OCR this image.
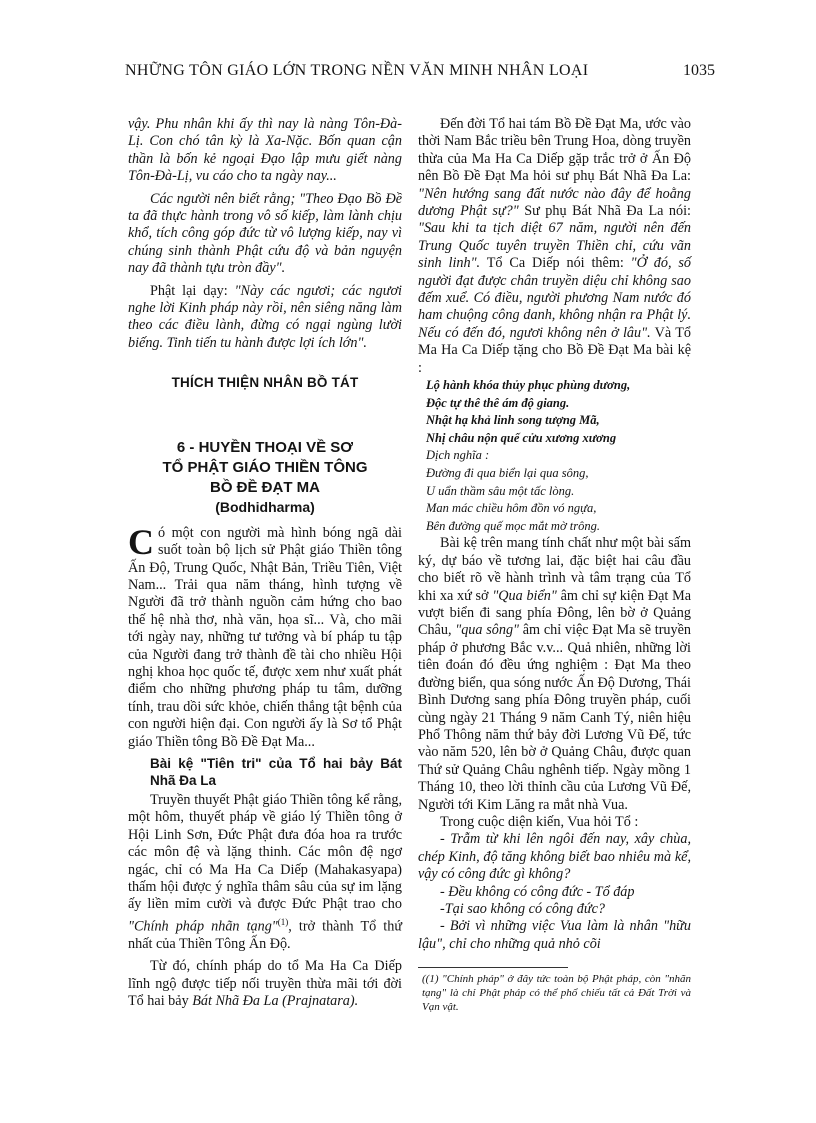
NHỮNG TÔN GIÁO LỚN TRONG NỀN VĂN MINH NHÂN LOẠI	1035

vậy. Phu nhân khi ấy thì nay là nàng Tôn-Đà-Lị. Con chó tân kỳ là Xa-Nặc. Bốn quan cận thần là bốn kẻ ngoại Đạo lập mưu giết nàng Tôn-Đà-Lị, vu cáo cho ta ngày nay...

Các người nên biết rằng; "Theo Đạo Bồ Đề ta đã thực hành trong vô số kiếp, làm lành chịu khổ, tích công góp đức từ vô lượng kiếp, nay vì chúng sinh thành Phật cứu độ và bản nguyện nay đã thành tựu tròn đầy".

Phật lại dạy: "Này các ngươi; các ngươi nghe lời Kinh pháp này rồi, nên siêng năng làm theo các điều lành, đừng có ngại ngùng lười biếng. Tinh tiến tu hành được lợi ích lớn".

THÍCH THIỆN NHÂN BỒ TÁT

6 - HUYỀN THOẠI VỀ SƠ
TỔ PHẬT GIÁO THIỀN TÔNG
BỒ ĐỀ ĐẠT MA
(Bodhidharma)

Có một con người mà hình bóng ngã dài suốt toàn bộ lịch sử Phật giáo Thiền tông Ấn Độ, Trung Quốc, Nhật Bản, Triều Tiên, Việt Nam... Trải qua năm tháng, hình tượng về Người đã trở thành nguồn cảm hứng cho bao thế hệ nhà thơ, nhà văn, họa sĩ... Và, cho mãi tới ngày nay, những tư tưởng và bí pháp tu tập của Người đang trở thành đề tài cho nhiều Hội nghị khoa học quốc tế, được xem như xuất phát điểm cho những phương pháp tu tâm, dưỡng tính, trau dồi sức khỏe, chiến thắng tật bệnh của con người hiện đại. Con người ấy là Sơ tổ Phật giáo Thiền tông Bồ Đề Đạt Ma...

Bài kệ "Tiên tri" của Tổ hai bảy Bát Nhã Đa La

Truyền thuyết Phật giáo Thiền tông kể rằng, một hôm, thuyết pháp về giáo lý Thiền tông ở Hội Linh Sơn, Đức Phật đưa đóa hoa ra trước các môn đệ và lặng thinh. Các môn đệ ngơ ngác, chỉ có Ma Ha Ca Diếp (Mahakasyapa) thấm hội được ý nghĩa thâm sâu của sự im lặng ấy liền mỉm cười và được Đức Phật trao cho "Chính pháp nhãn tạng"$^{(1)}$, trở thành Tổ thứ nhất của Thiền Tông Ấn Độ.

Từ đó, chính pháp do tổ Ma Ha Ca Diếp lĩnh ngộ được tiếp nối truyền thừa mãi tới đời Tổ hai bảy Bát Nhã Đa La (Prajnatara).

Đến đời Tổ hai tám Bồ Đề Đạt Ma, ước vào thời Nam Bắc triều bên Trung Hoa, dòng truyền thừa của Ma Ha Ca Diếp gặp trắc trở ở Ấn Độ nên Bồ Đề Đạt Ma hỏi sư phụ Bát Nhã Đa La: "Nên hướng sang đất nước nào đây để hoằng dương Phật sự?" Sư phụ Bát Nhã Đa La nói: "Sau khi ta tịch diệt 67 năm, người nên đến Trung Quốc tuyên truyền Thiền chỉ, cứu vãn sinh linh". Tổ Ca Diếp nói thêm: "Ở đó, số người đạt được chân truyền diệu chỉ không sao đếm xuể. Có điều, người phương Nam nước đó ham chuộng công danh, không nhận ra Phật lý. Nếu có đến đó, ngươi không nên ở lâu". Và Tổ Ma Ha Ca Diếp tặng cho Bồ Đề Đạt Ma bài kệ :

Lộ hành khóa thủy phục phùng dương,
Độc tự thê thê ám độ giang.
Nhật hạ khả linh song tượng Mã,
Nhị châu nộn quế cửu xương xương
Dịch nghĩa :
Đường đi qua biển lại qua sông,
U uẩn thầm sâu một tấc lòng.
Man mác chiều hôm đồn vó ngựa,
Bên đường quế mọc mắt mờ trông.

Bài kệ trên mang tính chất như một bài sấm ký, dự báo về tương lai, đặc biệt hai câu đầu cho biết rõ về hành trình và tâm trạng của Tổ khi xa xứ sở "Qua biển" âm chỉ sự kiện Đạt Ma vượt biển đi sang phía Đông, lên bờ ở Quảng Châu, "qua sông" âm chỉ việc Đạt Ma sẽ truyền pháp ở phương Bắc v.v... Quả nhiên, những lời tiên đoán đó đều ứng nghiệm : Đạt Ma theo đường biển, qua sóng nước Ấn Độ Dương, Thái Bình Dương sang phía Đông truyền pháp, cuối cùng ngày 21 Tháng 9 năm Canh Tý, niên hiệu Phổ Thông năm thứ bảy đời Lương Vũ Đế, tức vào năm 520, lên bờ ở Quảng Châu, được quan Thứ sử Quảng Châu nghênh tiếp. Ngày mồng 1 Tháng 10, theo lời thỉnh cầu của Lương Vũ Đế, Người tới Kim Lăng ra mắt nhà Vua.

Trong cuộc diện kiến, Vua hỏi Tổ :

- Trẫm từ khi lên ngôi đến nay, xây chùa, chép Kinh, độ tăng không biết bao nhiêu mà kể, vậy có công đức gì không?

- Đều không có công đức - Tổ đáp

-Tại sao không có công đức?

- Bởi vì những việc Vua làm là nhân "hữu lậu", chỉ cho những quả nhỏ cõi

((1) "Chính pháp" ở đây tức toàn bộ Phật pháp, còn "nhãn tạng" là chỉ Phật pháp có thể phổ chiếu tất cả Đất Trời và Vạn vật.
